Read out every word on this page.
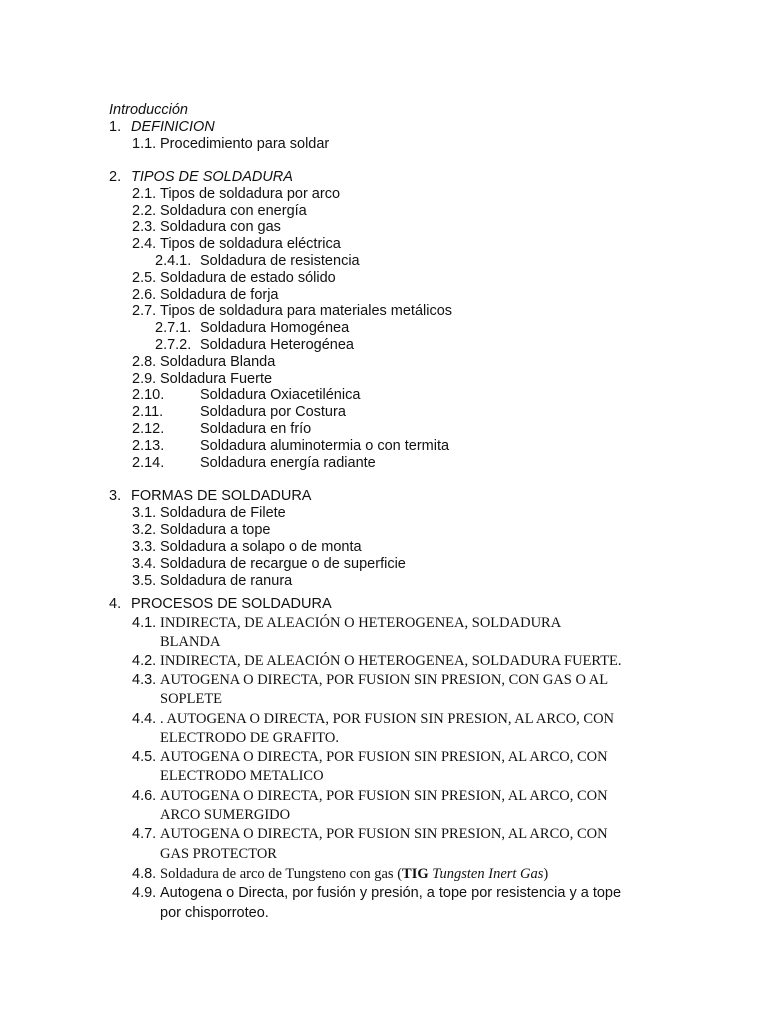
Introducción
1. DEFINICION
1.1. Procedimiento para soldar
2. TIPOS DE SOLDADURA
2.1. Tipos de soldadura por arco
2.2. Soldadura con energía
2.3. Soldadura con gas
2.4. Tipos de soldadura eléctrica
2.4.1. Soldadura de resistencia
2.5. Soldadura de estado sólido
2.6. Soldadura de forja
2.7. Tipos de soldadura para materiales metálicos
2.7.1. Soldadura Homogénea
2.7.2. Soldadura Heterogénea
2.8. Soldadura Blanda
2.9. Soldadura Fuerte
2.10. Soldadura Oxiacetilénica
2.11.	Soldadura por Costura
2.12. Soldadura en frío
2.13. Soldadura aluminotermia o con termita
2.14. Soldadura energía radiante
3. FORMAS DE SOLDADURA
3.1. Soldadura de Filete
3.2. Soldadura a tope
3.3. Soldadura a solapo o de monta
3.4. Soldadura de recargue o de superficie
3.5. Soldadura de ranura
4. PROCESOS DE SOLDADURA
4.1. INDIRECTA, DE ALEACIÓN O HETEROGENEA, SOLDADURA
BLANDA
4.2. INDIRECTA, DE ALEACIÓN O HETEROGENEA, SOLDADURA FUERTE.
4.3. AUTOGENA O DIRECTA, POR FUSION SIN PRESION, CON GAS O AL
SOPLETE
4.4. . AUTOGENA O DIRECTA, POR FUSION SIN PRESION, AL ARCO, CON
ELECTRODO DE GRAFITO.
4.5. AUTOGENA O DIRECTA, POR FUSION SIN PRESION, AL ARCO, CON
ELECTRODO METALICO
4.6. AUTOGENA O DIRECTA, POR FUSION SIN PRESION, AL ARCO, CON
ARCO SUMERGIDO
4.7. AUTOGENA O DIRECTA, POR FUSION SIN PRESION, AL ARCO, CON
GAS PROTECTOR
4.8. Soldadura de arco de Tungsteno con gas (TIG Tungsten Inert Gas)
4.9. Autogena o Directa, por fusión y presión, a tope por resistencia y a tope
por chisporroteo.
